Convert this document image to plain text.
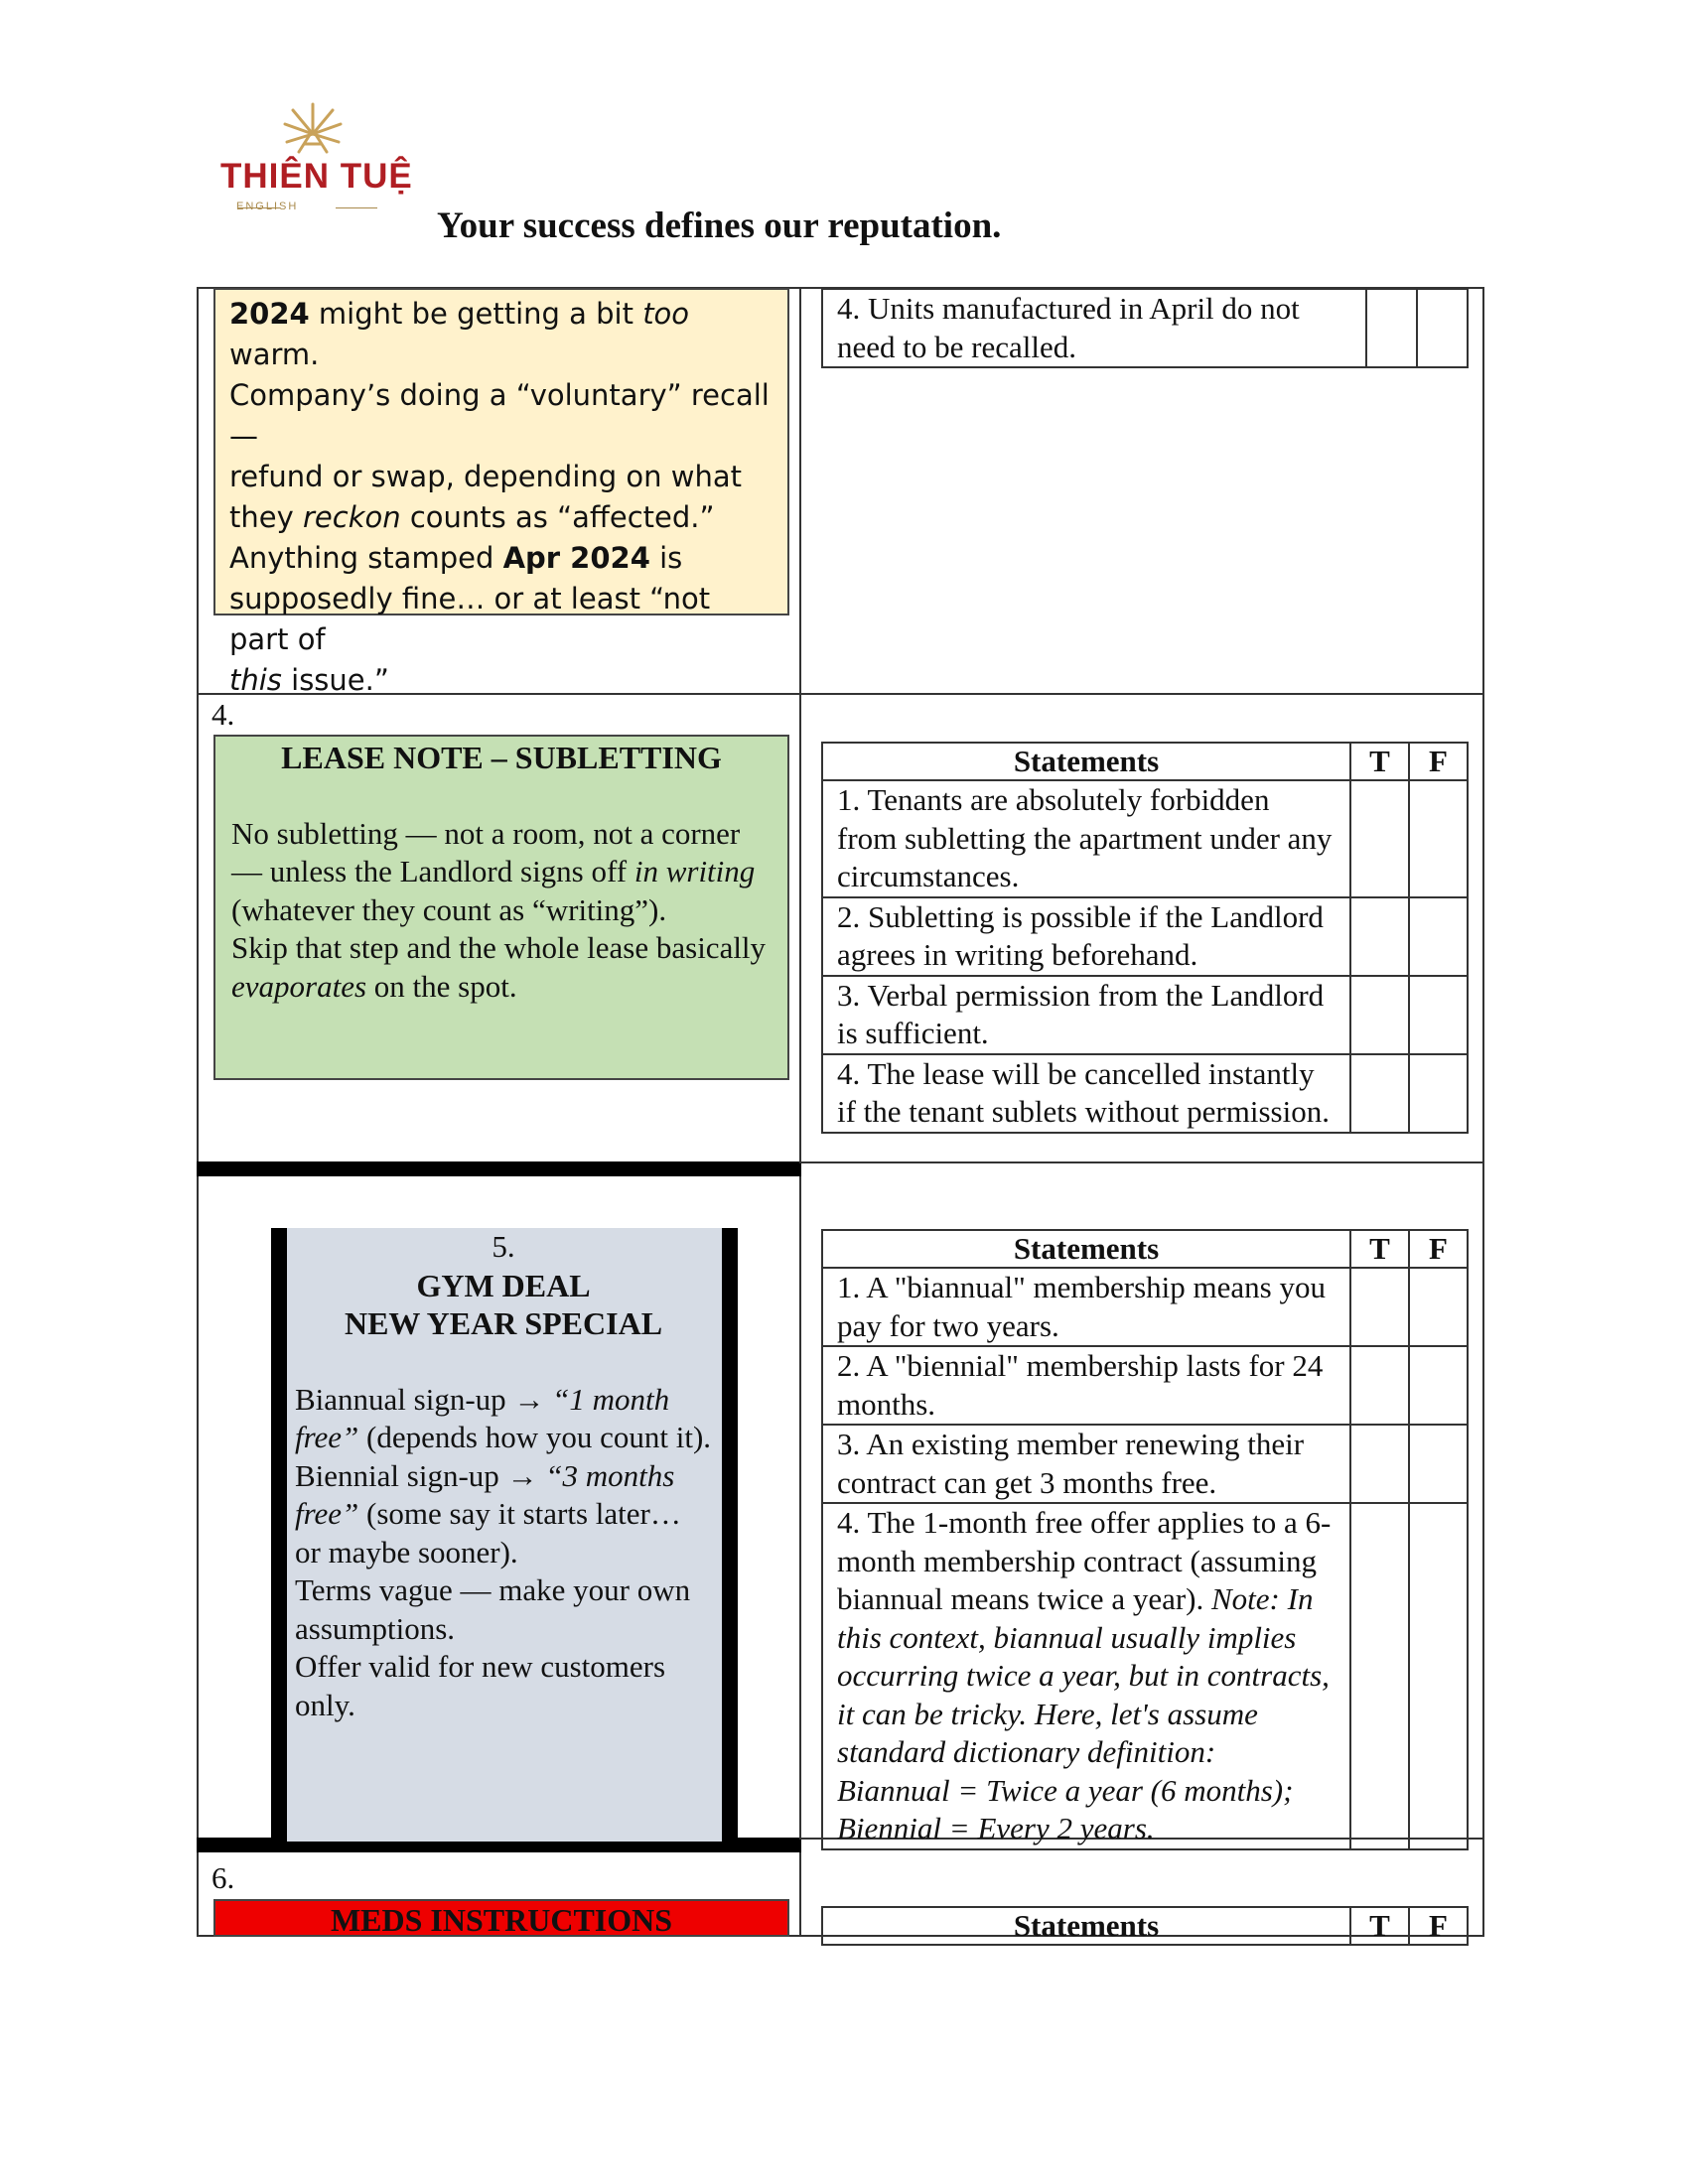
THIÊN TUỆ
ENGLISH	Your success defines our reputation.

2024 might be getting a bit too warm.

Company’s doing a “voluntary” recall —

refund or swap, depending on what

they reckon counts as “affected.”

Anything stamped Apr 2024 is

supposedly fine… or at least “not part of

this issue.”

4. Units manufactured in April do not need to be recalled.		
4.
LEASE NOTE – SUBLETTING

No subletting — not a room, not a corner — unless the Landlord signs off in writing (whatever they count as “writing”).

Skip that step and the whole lease basically evaporates on the spot.

Statements	T	F
1. Tenants are absolutely forbidden from subletting the apartment under any circumstances.		
2. Subletting is possible if the Landlord agrees in writing beforehand.		
3. Verbal permission from the Landlord is sufficient.		
4. The lease will be cancelled instantly if the tenant sublets without permission.		
5.
GYM DEAL
NEW YEAR SPECIAL

Biannual sign-up → “1 month free” (depends how you count it).

Biennial sign-up → “3 months free” (some say it starts later… or maybe sooner).

Terms vague — make your own assumptions.

Offer valid for new customers only.

Statements	T	F
1. A "biannual" membership means you pay for two years.		
2. A "biennial" membership lasts for 24 months.		
3. An existing member renewing their contract can get 3 months free.		
4. The 1-month free offer applies to a 6-month membership contract (assuming biannual means twice a year). Note: In this context, biannual usually implies occurring twice a year, but in contracts, it can be tricky. Here, let's assume standard dictionary definition: Biannual = Twice a year (6 months); Biennial = Every 2 years.		
6.
MEDS INSTRUCTIONS	Statements	T	F
